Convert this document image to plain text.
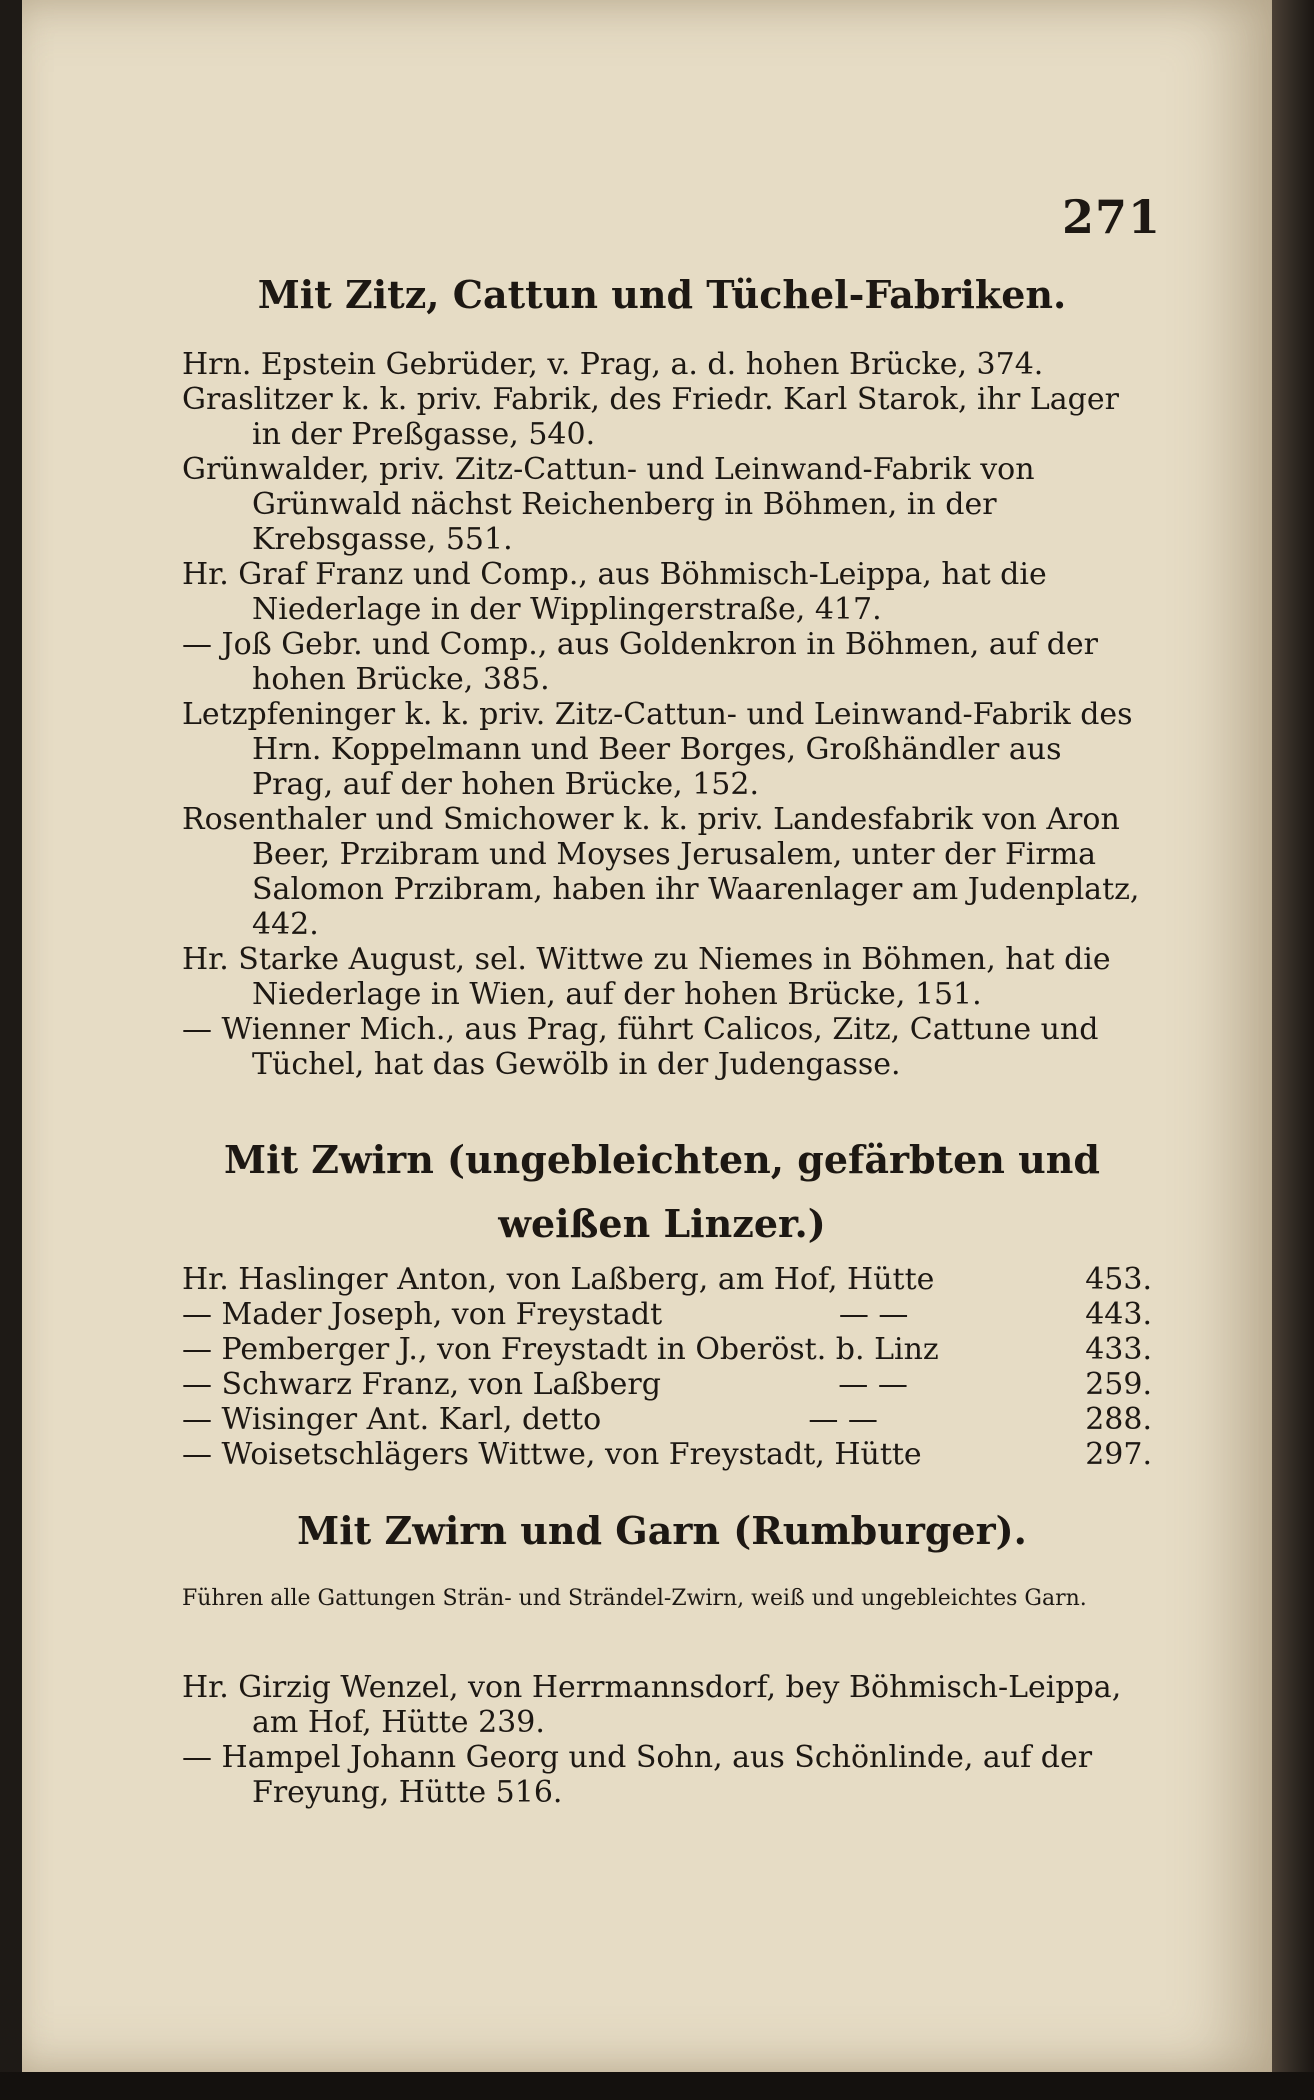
271
Mit Zitz, Cattun und Tüchel-Fabriken.

Hrn. Epstein Gebrüder, v. Prag, a. d. hohen Brücke, 374.

Graslitzer k. k. priv. Fabrik, des Friedr. Karl Starok, ihr Lager in der Preßgasse, 540.

Grünwalder, priv. Zitz-Cattun- und Leinwand-Fabrik von Grünwald nächst Reichenberg in Böhmen, in der Krebsgasse, 551.

Hr. Graf Franz und Comp., aus Böhmisch-Leippa, hat die Niederlage in der Wipplingerstraße, 417.

— Joß Gebr. und Comp., aus Goldenkron in Böhmen, auf der hohen Brücke, 385.

Letzpfeninger k. k. priv. Zitz-Cattun- und Leinwand-Fabrik des Hrn. Koppelmann und Beer Borges, Großhändler aus Prag, auf der hohen Brücke, 152.

Rosenthaler und Smichower k. k. priv. Landesfabrik von Aron Beer, Przibram und Moyses Jerusalem, unter der Firma Salomon Przibram, haben ihr Waarenlager am Judenplatz, 442.

Hr. Starke August, sel. Wittwe zu Niemes in Böhmen, hat die Niederlage in Wien, auf der hohen Brücke, 151.

— Wienner Mich., aus Prag, führt Calicos, Zitz, Cattune und Tüchel, hat das Gewölb in der Judengasse.

Mit Zwirn (ungebleichten, gefärbten und weißen Linzer.)
Hr. Haslinger Anton, von Laßberg, am Hof, Hütte	453.
— Mader Joseph, von Freystadt	— —	443.
— Pemberger J., von Freystadt in Oberöst. b. Linz	433.
— Schwarz Franz, von Laßberg	— —	259.
— Wisinger Ant. Karl, detto	— —	288.
— Woisetschlägers Wittwe, von Freystadt, Hütte	297.
Mit Zwirn und Garn (Rumburger).
Führen alle Gattungen Strän- und Strändel-Zwirn, weiß und ungebleichtes Garn.

Hr. Girzig Wenzel, von Herrmannsdorf, bey Böhmisch-Leippa, am Hof, Hütte 239.

— Hampel Johann Georg und Sohn, aus Schönlinde, auf der Freyung, Hütte 516.
